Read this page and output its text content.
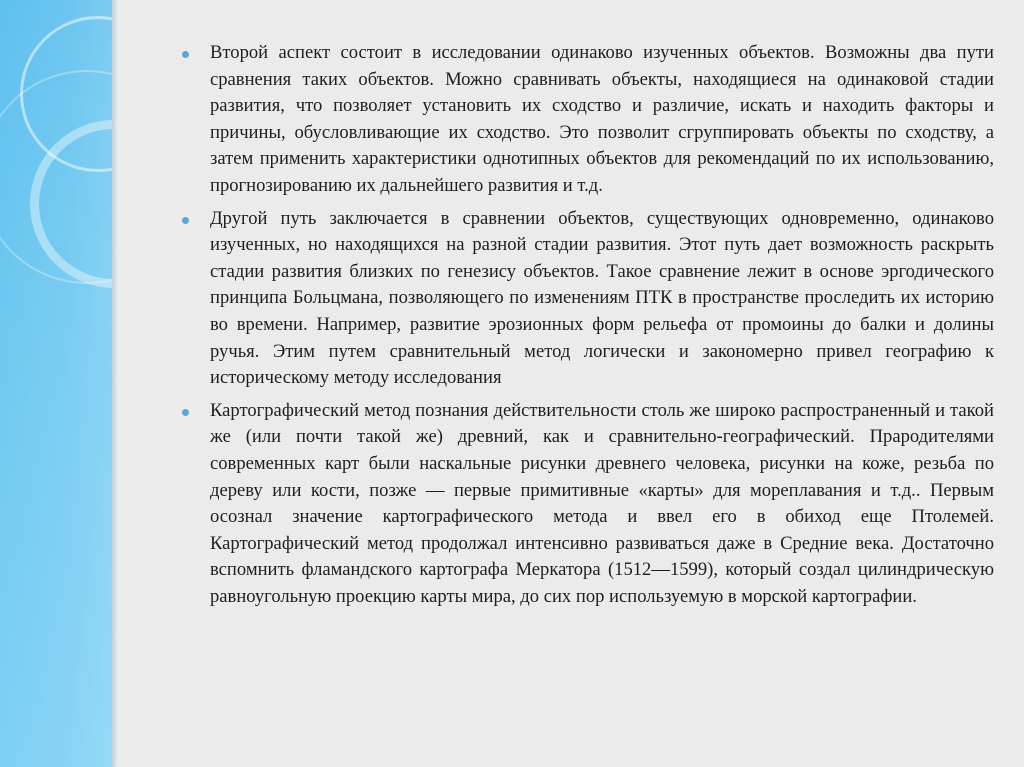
Второй аспект состоит в исследовании одинаково изученных объектов. Возможны два пути сравнения таких объектов. Можно сравнивать объекты, находящиеся на одинаковой стадии развития, что позволяет установить их сходство и различие, искать и находить факторы и причины, обусловливающие их сходство. Это позволит сгруппировать объекты по сходству, а затем применить характеристики однотипных объектов для рекомендаций по их использованию, прогнозированию их дальнейшего развития и т.д.

Другой путь заключается в сравнении объектов, существующих одновременно, одинаково изученных, но находящихся на разной стадии развития. Этот путь дает возможность раскрыть стадии развития близких по генезису объектов. Такое сравнение лежит в основе эргодического принципа Больцмана, позволяющего по изменениям ПТК в пространстве проследить их историю во времени. Например, развитие эрозионных форм рельефа от промоины до балки и долины ручья. Этим путем сравнительный метод логически и закономерно привел географию к историческому методу исследования

Картографический метод познания действительности столь же широко распространенный и такой же (или почти такой же) древний, как и сравнительно-географический. Прародителями современных карт были наскальные рисунки древнего человека, рисунки на коже, резьба по дереву или кости, позже — первые примитивные «карты» для мореплавания и т.д.. Первым осознал значение картографического метода и ввел его в обиход еще Птолемей. Картографический метод продолжал интенсивно развиваться даже в Средние века. Достаточно вспомнить фламандского картографа Меркатора (1512—1599), который создал цилиндрическую равноугольную проекцию карты мира, до сих пор используемую в морской картографии.
